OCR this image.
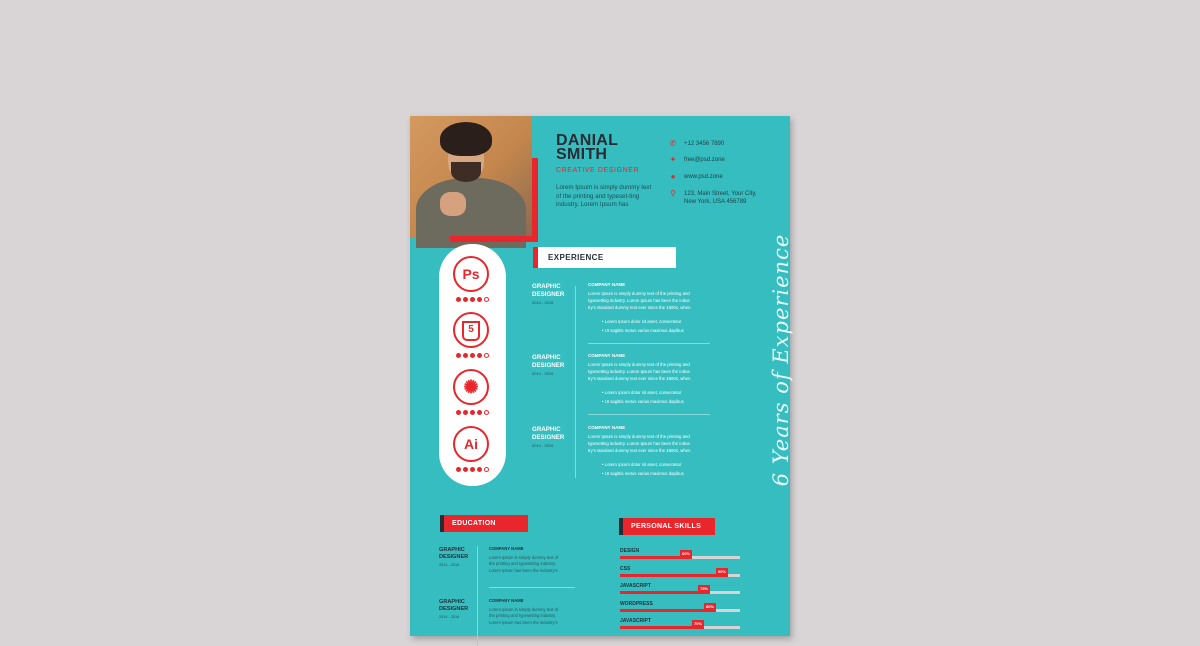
DANIAL
SMITH
CREATIVE DESIGNER
Lorem Ipsum is simply dummy text of the printing and typeset-ting industry. Lorem Ipsum has
✆ +12 3456 7890
✦ free@psd.zone
● www.psd.zone
⚲ 123, Main Street, Your City,
New York, USA 456789
Ps
5
✺
Ai
EXPERIENCE
GRAPHIC
DESIGNER
2014 - 2016
COMPANY NAME
Lorem Ipsum is simply dummy text of the printing and
typesetting industry. Lorem Ipsum has been the indus
try's standard dummy text ever since the 1500s, when
• Lorem Ipsum dolor sit amet, consectetur
• Ut sagittis metus varius maximus dapibus
GRAPHIC
DESIGNER
2014 - 2016
COMPANY NAME
Lorem Ipsum is simply dummy text of the printing and
typesetting industry. Lorem Ipsum has been the indus
try's standard dummy text ever since the 1500s, when
• Lorem Ipsum dolor sit amet, consectetur
• Ut sagittis metus varius maximus dapibus
GRAPHIC
DESIGNER
2014 - 2016
COMPANY NAME
Lorem Ipsum is simply dummy text of the printing and
typesetting industry. Lorem Ipsum has been the indus
try's standard dummy text ever since the 1500s, when
• Lorem Ipsum dolor sit amet, consectetur
• Ut sagittis metus varius maximus dapibus	6 Years of Experience
EDUCATION
GRAPHIC
DESIGNER
2014 - 2016
COMPANY NAME
Lorem Ipsum is simply dummy text of
the printing and typesetting industry.
Lorem Ipsum has been the industry's
GRAPHIC
DESIGNER
2014 - 2016
COMPANY NAME
Lorem Ipsum is simply dummy text of
the printing and typesetting industry.
Lorem Ipsum has been the industry's
PERSONAL SKILLS
DESIGN	60%
CSS	90%
JAVASCRIPT	75%
WORDPRESS	80%
JAVASCRIPT	70%
